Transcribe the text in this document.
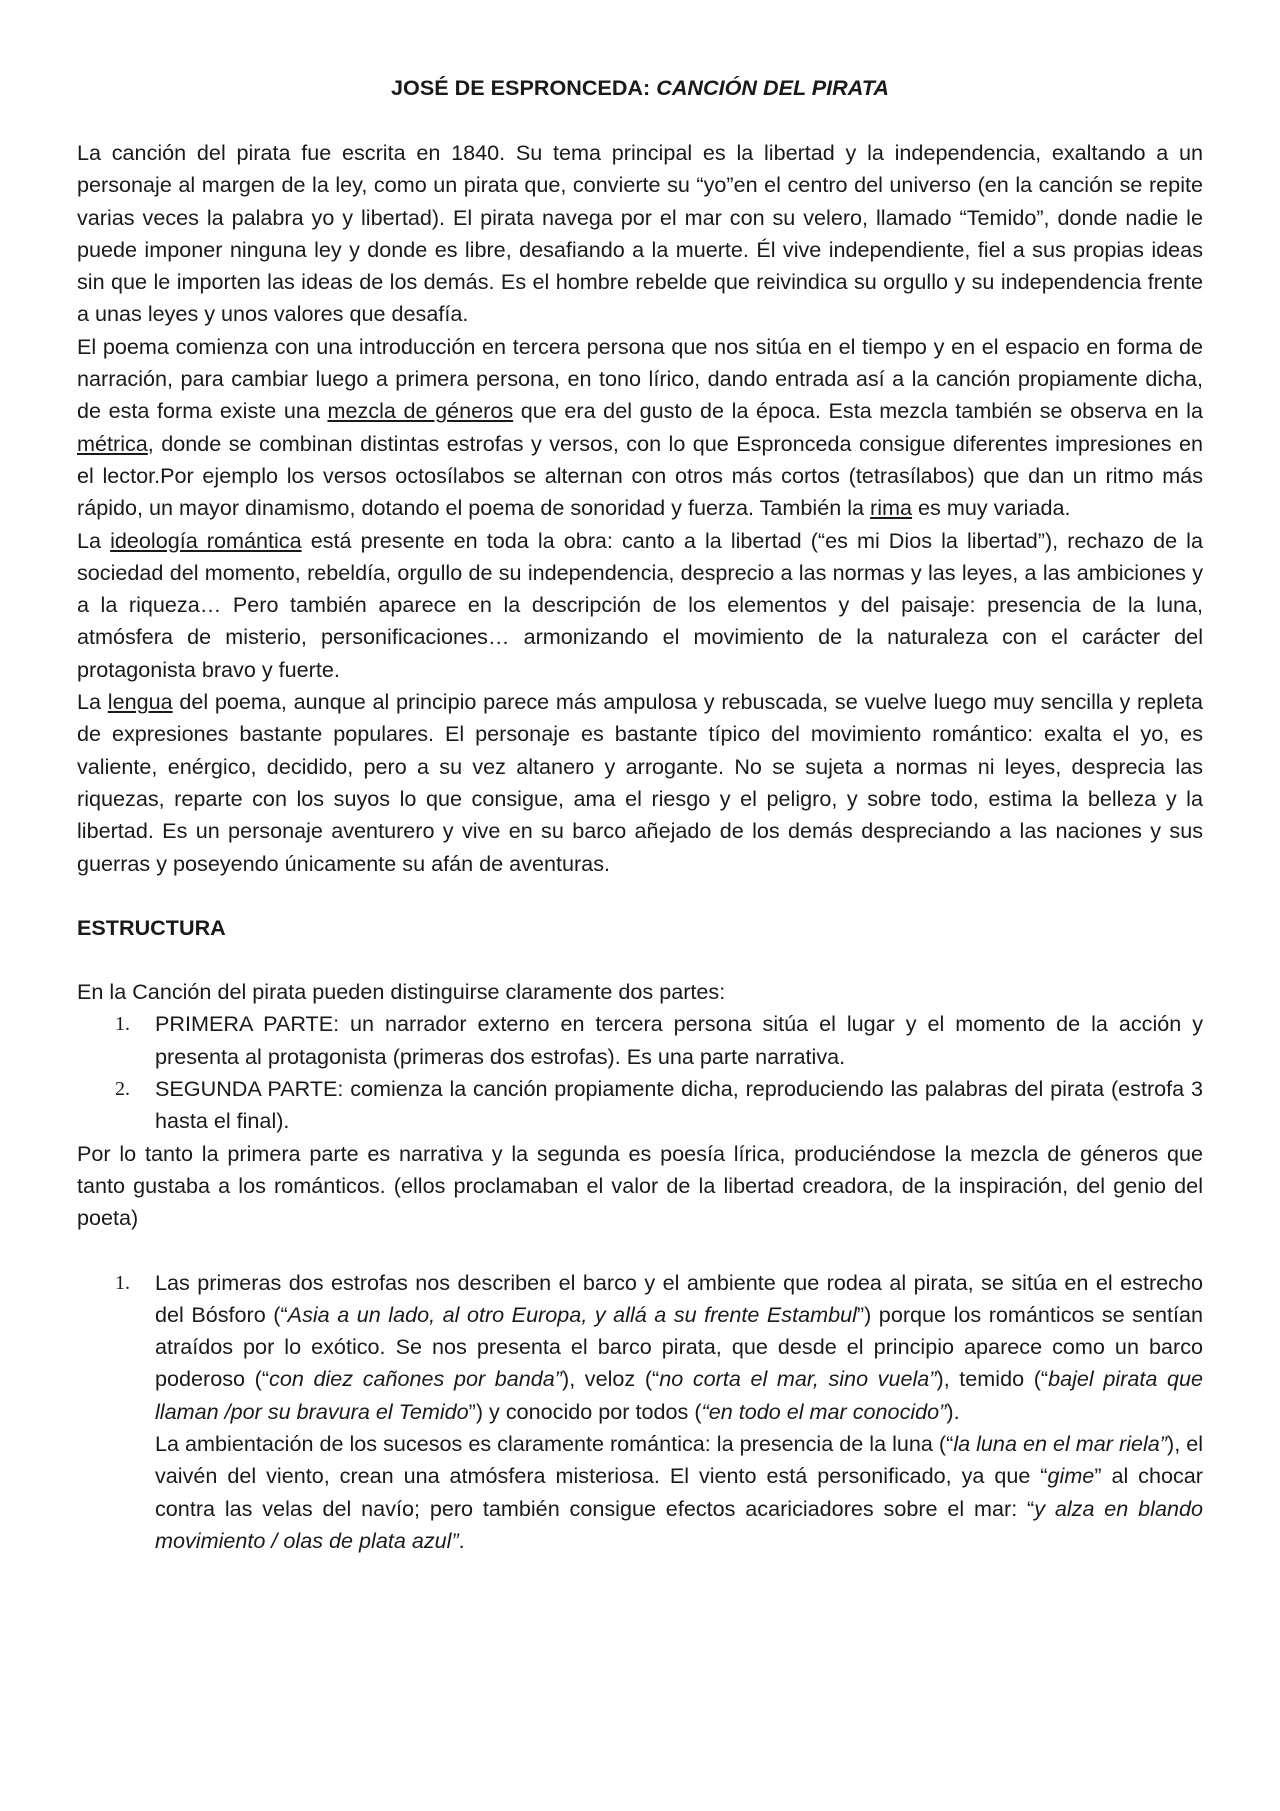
JOSÉ DE ESPRONCEDA: CANCIÓN DEL PIRATA

La canción del pirata fue escrita en 1840. Su tema principal es la libertad y la independencia, exaltando a un personaje al margen de la ley, como un pirata que, convierte su “yo”en el centro del universo (en la canción se repite varias veces la palabra yo y libertad). El pirata navega por el mar con su velero, llamado “Temido”, donde nadie le puede imponer ninguna ley y donde es libre, desafiando a la muerte. Él vive independiente, fiel a sus propias ideas sin que le importen las ideas de los demás. Es el hombre rebelde que reivindica su orgullo y su independencia frente a unas leyes y unos valores que desafía.

El poema comienza con una introducción en tercera persona que nos sitúa en el tiempo y en el espacio en forma de narración, para cambiar luego a primera persona, en tono lírico, dando entrada así a la canción propiamente dicha, de esta forma existe una mezcla de géneros que era del gusto de la época. Esta mezcla también se observa en la métrica, donde se combinan distintas estrofas y versos, con lo que Espronceda consigue diferentes impresiones en el lector.Por ejemplo los versos octosílabos se alternan con otros más cortos (tetrasílabos) que dan un ritmo más rápido, un mayor dinamismo, dotando el poema de sonoridad y fuerza. También la rima es muy variada.

La ideología romántica está presente en toda la obra: canto a la libertad (“es mi Dios la libertad”), rechazo de la sociedad del momento, rebeldía, orgullo de su independencia, desprecio a las normas y las leyes, a las ambiciones y a la riqueza… Pero también aparece en la descripción de los elementos y del paisaje: presencia de la luna, atmósfera de misterio, personificaciones… armonizando el movimiento de la naturaleza con el carácter del protagonista bravo y fuerte.

La lengua del poema, aunque al principio parece más ampulosa y rebuscada, se vuelve luego muy sencilla y repleta de expresiones bastante populares. El personaje es bastante típico del movimiento romántico: exalta el yo, es valiente, enérgico, decidido, pero a su vez altanero y arrogante. No se sujeta a normas ni leyes, desprecia las riquezas, reparte con los suyos lo que consigue, ama el riesgo y el peligro, y sobre todo, estima la belleza y la libertad. Es un personaje aventurero y vive en su barco añejado de los demás despreciando a las naciones y sus guerras y poseyendo únicamente su afán de aventuras.

ESTRUCTURA

En la Canción del pirata pueden distinguirse claramente dos partes:

1. PRIMERA PARTE: un narrador externo en tercera persona sitúa el lugar y el momento de la acción y presenta al protagonista (primeras dos estrofas). Es una parte narrativa.
2. SEGUNDA PARTE: comienza la canción propiamente dicha, reproduciendo las palabras del pirata (estrofa 3 hasta el final).

Por lo tanto la primera parte es narrativa y la segunda es poesía lírica, produciéndose la mezcla de géneros que tanto gustaba a los románticos. (ellos proclamaban el valor de la libertad creadora, de la inspiración, del genio del poeta)

1. Las primeras dos estrofas nos describen el barco y el ambiente que rodea al pirata, se sitúa en el estrecho del Bósforo (“Asia a un lado, al otro Europa, y allá a su frente Estambul”) porque los románticos se sentían atraídos por lo exótico. Se nos presenta el barco pirata, que desde el principio aparece como un barco poderoso (“con diez cañones por banda”), veloz (“no corta el mar, sino vuela”), temido (“bajel pirata que llaman /por su bravura el Temido”) y conocido por todos (“en todo el mar conocido”).

La ambientación de los sucesos es claramente romántica: la presencia de la luna (“la luna en el mar riela”), el vaivén del viento, crean una atmósfera misteriosa. El viento está personificado, ya que “gime” al chocar contra las velas del navío; pero también consigue efectos acariciadores sobre el mar: “y alza en blando movimiento / olas de plata azul”.
